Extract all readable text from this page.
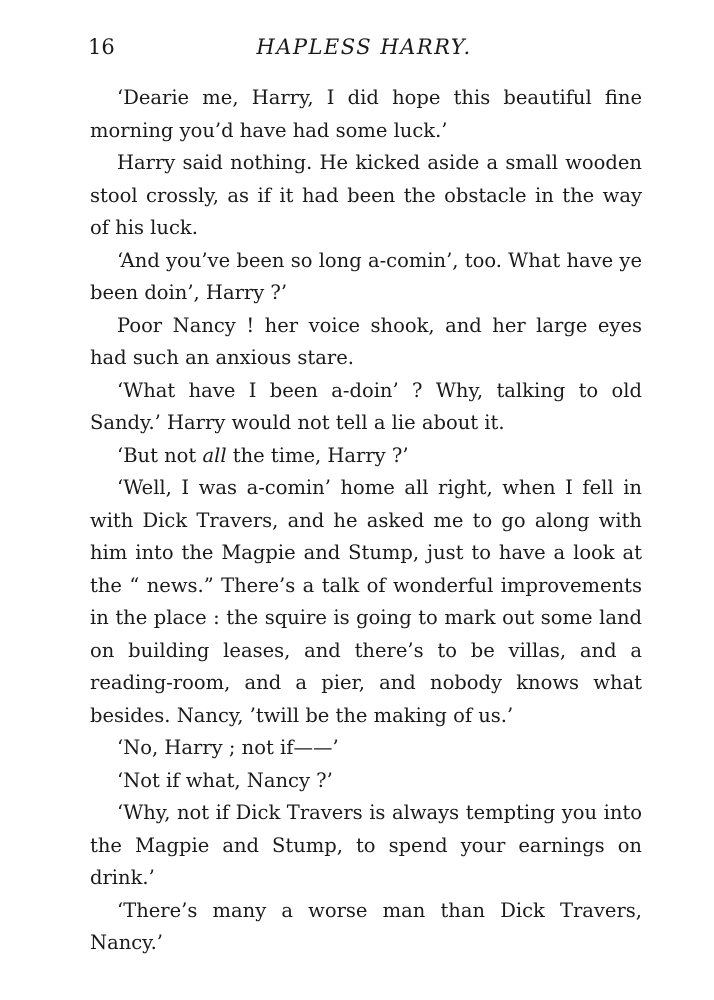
16	HAPLESS HARRY.

‘Dearie me, Harry, I did hope this beautiful fine morning you’d have had some luck.’

Harry said nothing. He kicked aside a small wooden stool crossly, as if it had been the obstacle in the way of his luck.

‘And you’ve been so long a-comin’, too. What have ye been doin’, Harry ?’

Poor Nancy ! her voice shook, and her large eyes had such an anxious stare.

‘What have I been a-doin’ ? Why, talking to old Sandy.’ Harry would not tell a lie about it.

‘But not all the time, Harry ?’

‘Well, I was a-comin’ home all right, when I fell in with Dick Travers, and he asked me to go along with him into the Magpie and Stump, just to have a look at the “ news.” There’s a talk of wonderful improvements in the place : the squire is going to mark out some land on building leases, and there’s to be villas, and a reading-room, and a pier, and nobody knows what besides. Nancy, ’twill be the making of us.’

‘No, Harry ; not if——’

‘Not if what, Nancy ?’

‘Why, not if Dick Travers is always tempting you into the Magpie and Stump, to spend your earnings on drink.’

‘There’s many a worse man than Dick Travers, Nancy.’
